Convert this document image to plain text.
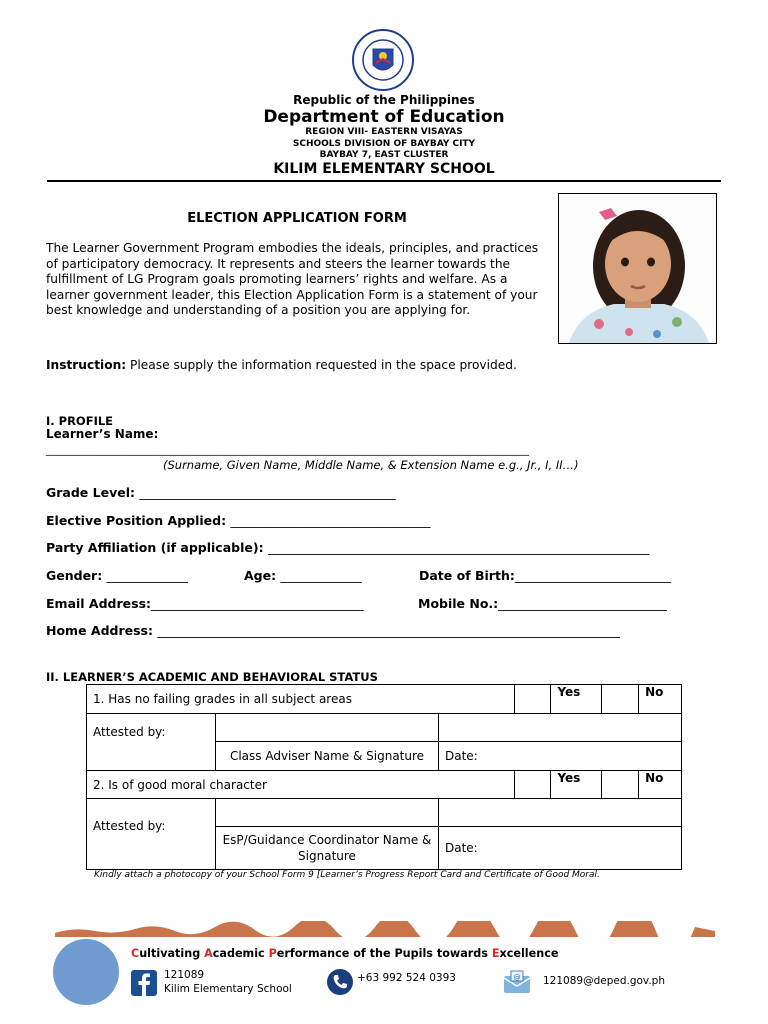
Republic of the Philippines
Department of Education
REGION VIII- EASTERN VISAYAS
SCHOOLS DIVISION OF BAYBAY CITY
BAYBAY 7, EAST CLUSTER
KILIM ELEMENTARY SCHOOL
ELECTION APPLICATION FORM
The Learner Government Program embodies the ideals, principles, and practices of participatory democracy. It represents and steers the learner towards the fulfillment of LG Program goals promoting learners’ rights and welfare. As a learner government leader, this Election Application Form is a statement of your best knowledge and understanding of a position you are applying for.
Instruction: Please supply the information requested in the space provided.
I. PROFILE
Learner’s Name:
____________________________________________________________________________________________
(Surname, Given Name, Middle Name, & Extension Name e.g., Jr., I, II…)
Grade Level: _________________________________________
Elective Position Applied: ________________________________
Party Affiliation (if applicable): _____________________________________________________________
Gender: _____________	Age: _____________	Date of Birth:_________________________
Email Address:__________________________________	Mobile No.:___________________________
Home Address: __________________________________________________________________________
II. LEARNER’S ACADEMIC AND BEHAVIORAL STATUS
1. Has no failing grades in all subject areas		Yes		No
Attested by:		
	Class Adviser Name & Signature	Date:
2. Is of good moral character		Yes		No
Attested by:		
	EsP/Guidance Coordinator Name & Signature	Date:
Kindly attach a photocopy of your School Form 9 [Learner’s Progress Report Card and Certificate of Good Moral.
Cultivating Academic Performance of the Pupils towards Excellence
121089
Kilim Elementary School
+63 992 524 0393	@ 121089@deped.gov.ph
